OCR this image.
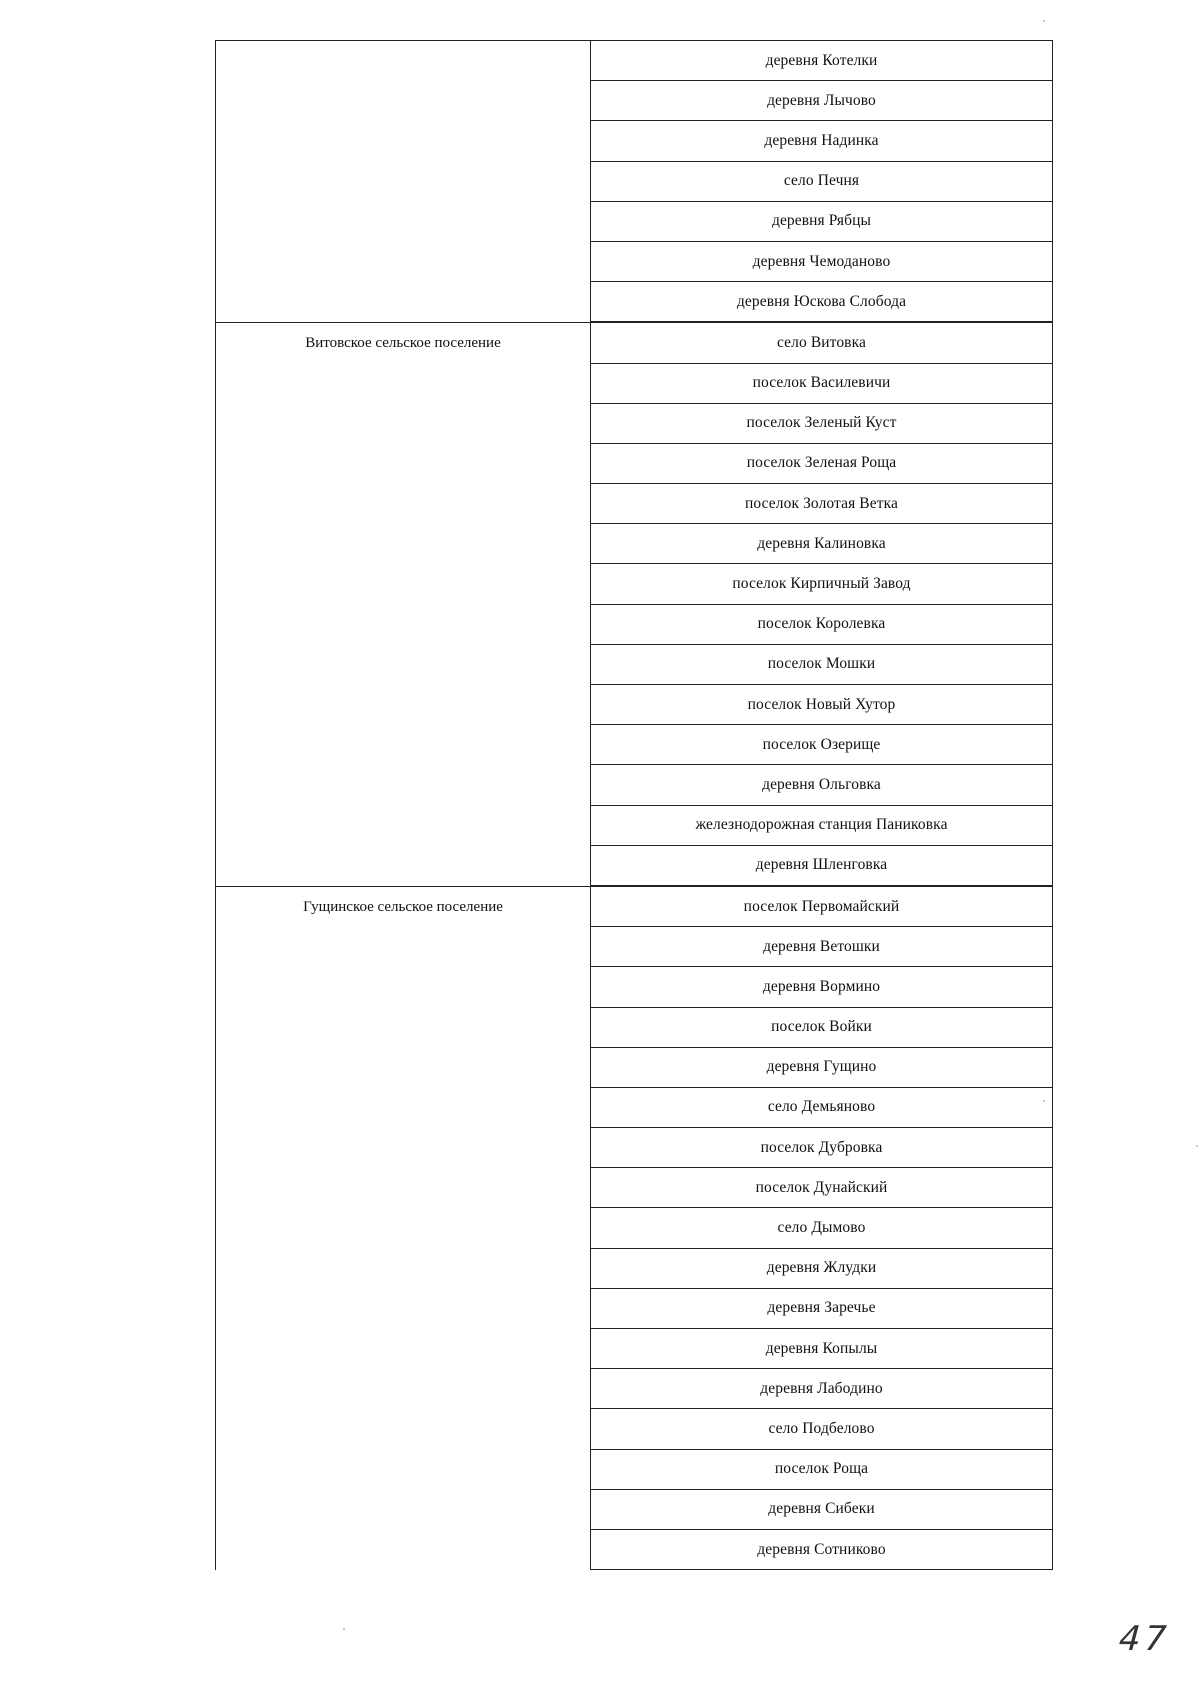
деревня Котелки
деревня Лычово
деревня Надинка
село Печня
деревня Рябцы
деревня Чемоданово
деревня Юскова Слобода
Витовское сельское поселение	село Витовка
поселок Василевичи
поселок Зеленый Куст
поселок Зеленая Роща
поселок Золотая Ветка
деревня Калиновка
поселок Кирпичный Завод
поселок Королевка
поселок Мошки
поселок Новый Хутор
поселок Озерище
деревня Ольговка
железнодорожная станция Паниковка
деревня Шленговка
Гущинское сельское поселение	поселок Первомайский
деревня Ветошки
деревня Вормино
поселок Войки
деревня Гущино
село Демьяново
поселок Дубровка
поселок Дунайский
село Дымово
деревня Жлудки
деревня Заречье
деревня Копылы
деревня Лабодино
село Подбелово
поселок Роща
деревня Сибеки
деревня Сотниково
47
